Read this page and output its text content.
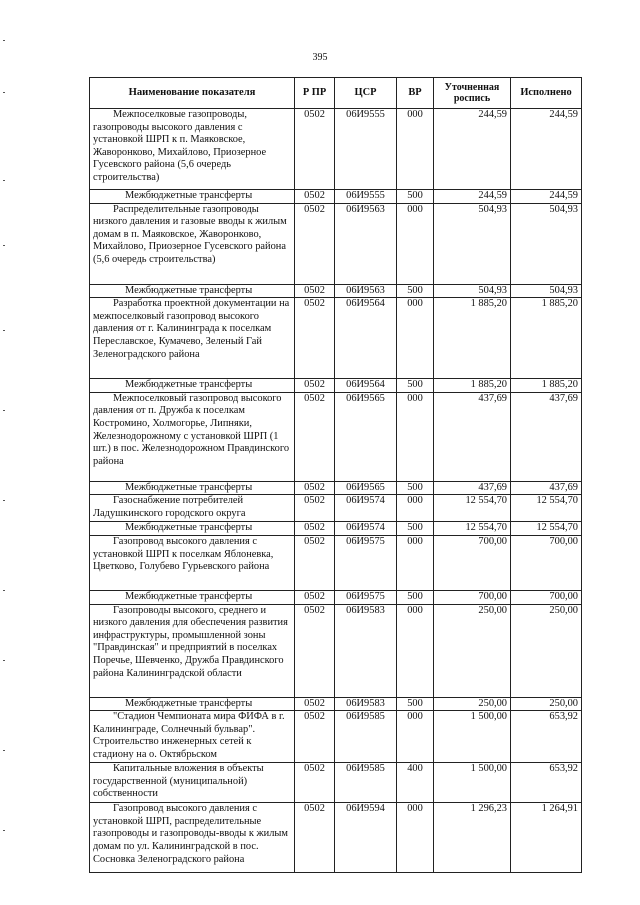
395
Наименование показателя	Р ПР	ЦСР	ВР	Уточненная роспись	Исполнено
Межпоселковые газопроводы, газопроводы высокого давления с установкой ШРП к п. Маяковское, Жаворонково, Михайлово, Приозерное Гусевского района (5,6 очередь строительства)	0502	06И9555	000	244,59	244,59
Межбюджетные трансферты	0502	06И9555	500	244,59	244,59
Распределительные газопроводы низкого давления и газовые вводы к жилым домам в п. Маяковское, Жаворонково, Михайлово, Приозерное Гусевского района (5,6 очередь строительства)	0502	06И9563	000	504,93	504,93
Межбюджетные трансферты	0502	06И9563	500	504,93	504,93
Разработка проектной документации на межпоселковый газопровод высокого давления от г. Калининграда к поселкам Переславское, Кумачево, Зеленый Гай Зеленоградского района	0502	06И9564	000	1 885,20	1 885,20
Межбюджетные трансферты	0502	06И9564	500	1 885,20	1 885,20
Межпоселковый газопровод высокого давления от п. Дружба к поселкам Костромино, Холмогорье, Липняки, Железнодорожному с установкой ШРП (1 шт.) в пос. Железнодорожном Правдинского района	0502	06И9565	000	437,69	437,69
Межбюджетные трансферты	0502	06И9565	500	437,69	437,69
Газоснабжение потребителей Ладушкинского городского округа	0502	06И9574	000	12 554,70	12 554,70
Межбюджетные трансферты	0502	06И9574	500	12 554,70	12 554,70
Газопровод высокого давления с установкой ШРП к поселкам Яблоневка, Цветково, Голубево Гурьевского района	0502	06И9575	000	700,00	700,00
Межбюджетные трансферты	0502	06И9575	500	700,00	700,00
Газопроводы высокого, среднего и низкого давления для обеспечения развития инфраструктуры, промышленной зоны "Правдинская" и предприятий в поселках Поречье, Шевченко, Дружба Правдинского района Калининградской области	0502	06И9583	000	250,00	250,00
Межбюджетные трансферты	0502	06И9583	500	250,00	250,00
"Стадион Чемпионата мира ФИФА в г. Калининграде, Солнечный бульвар". Строительство инженерных сетей к стадиону на о. Октябрьском	0502	06И9585	000	1 500,00	653,92
Капитальные вложения в объекты государственной (муниципальной) собственности	0502	06И9585	400	1 500,00	653,92
Газопровод высокого давления с установкой ШРП, распределительные газопроводы и газопроводы-вводы к жилым домам по ул. Калининградской в пос. Сосновка Зеленоградского района	0502	06И9594	000	1 296,23	1 264,91
